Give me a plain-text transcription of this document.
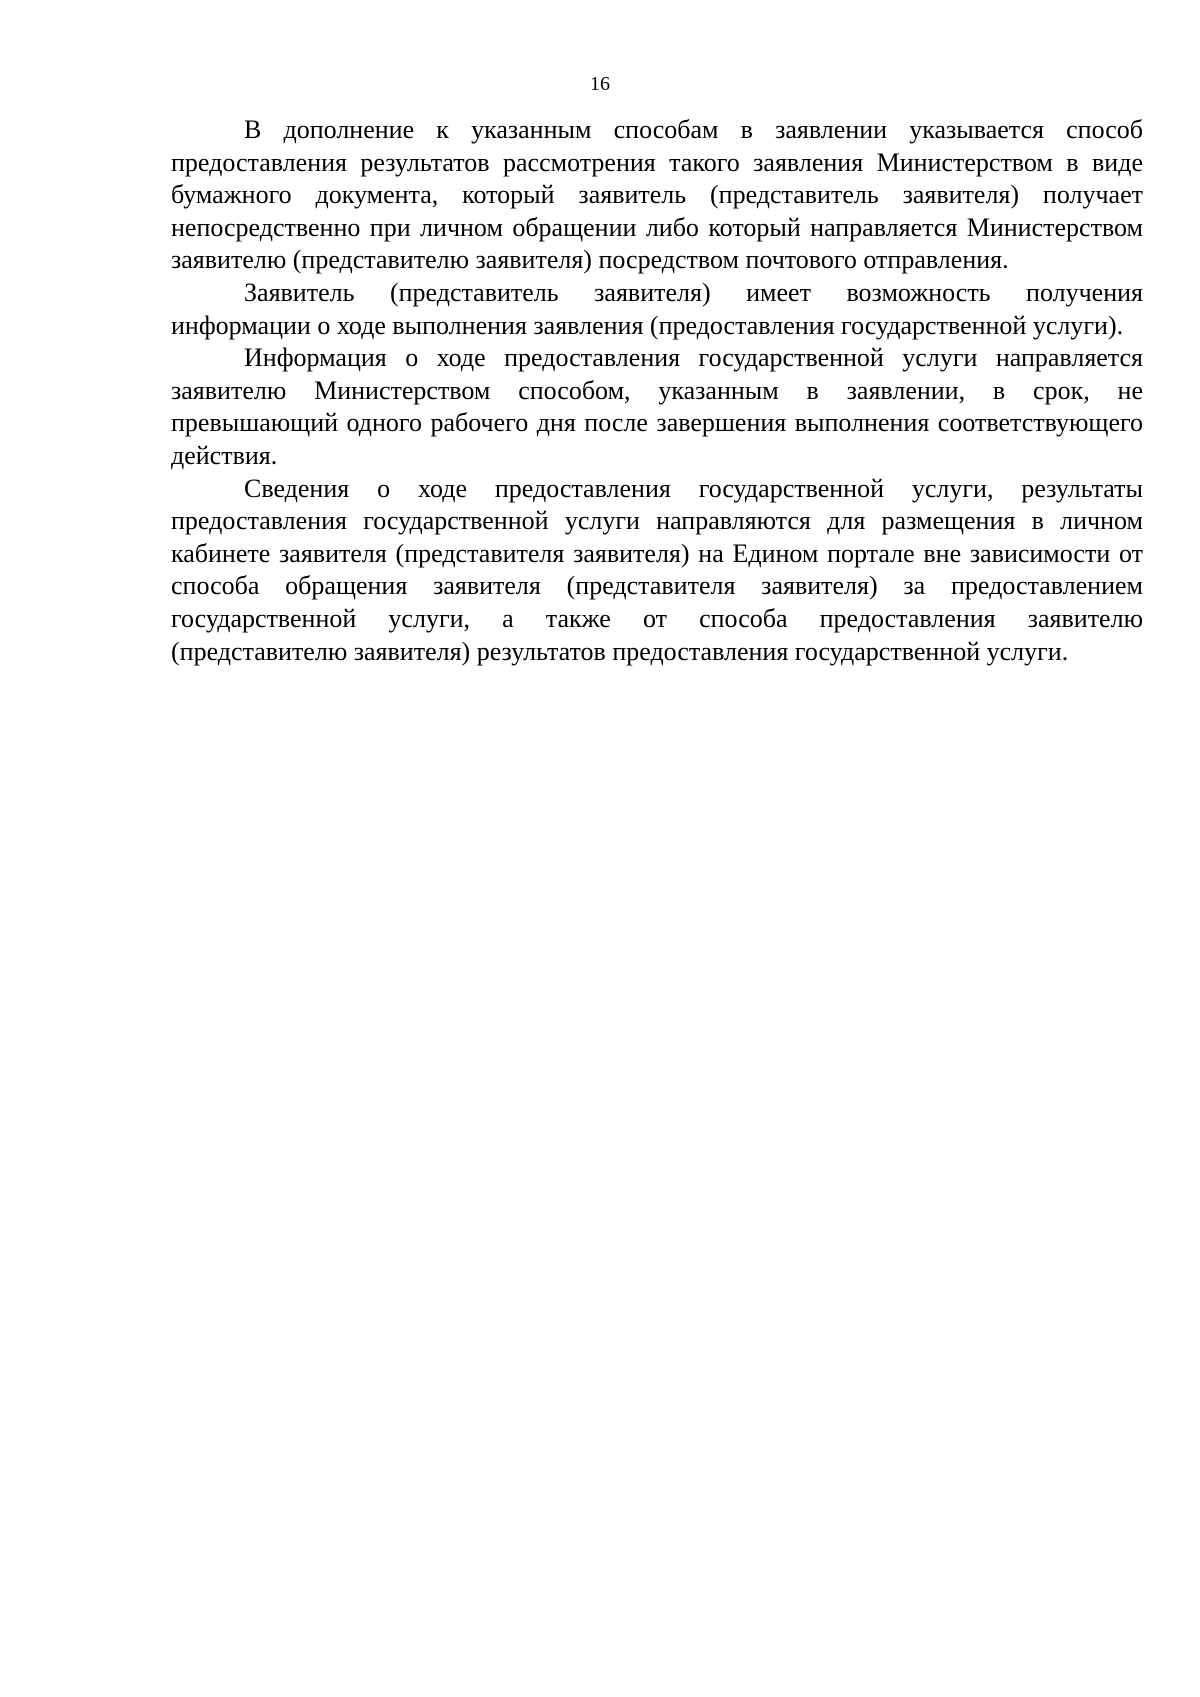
16

В дополнение к указанным способам в заявлении указывается способ предоставления результатов рассмотрения такого заявления Министерством в виде бумажного документа, который заявитель (представитель заявителя) получает непосредственно при личном обращении либо который направляется Министерством заявителю (представителю заявителя) посредством почтового отправления.

Заявитель (представитель заявителя) имеет возможность получения информации о ходе выполнения заявления (предоставления государственной услуги).

Информация о ходе предоставления государственной услуги направляется заявителю Министерством способом, указанным в заявлении, в срок, не превышающий одного рабочего дня после завершения выполнения соответствующего действия.

Сведения о ходе предоставления государственной услуги, результаты предоставления государственной услуги направляются для размещения в личном кабинете заявителя (представителя заявителя) на Едином портале вне зависимости от способа обращения заявителя (представителя заявителя) за предоставлением государственной услуги, а также от способа предоставления заявителю (представителю заявителя) результатов предоставления государственной услуги.
